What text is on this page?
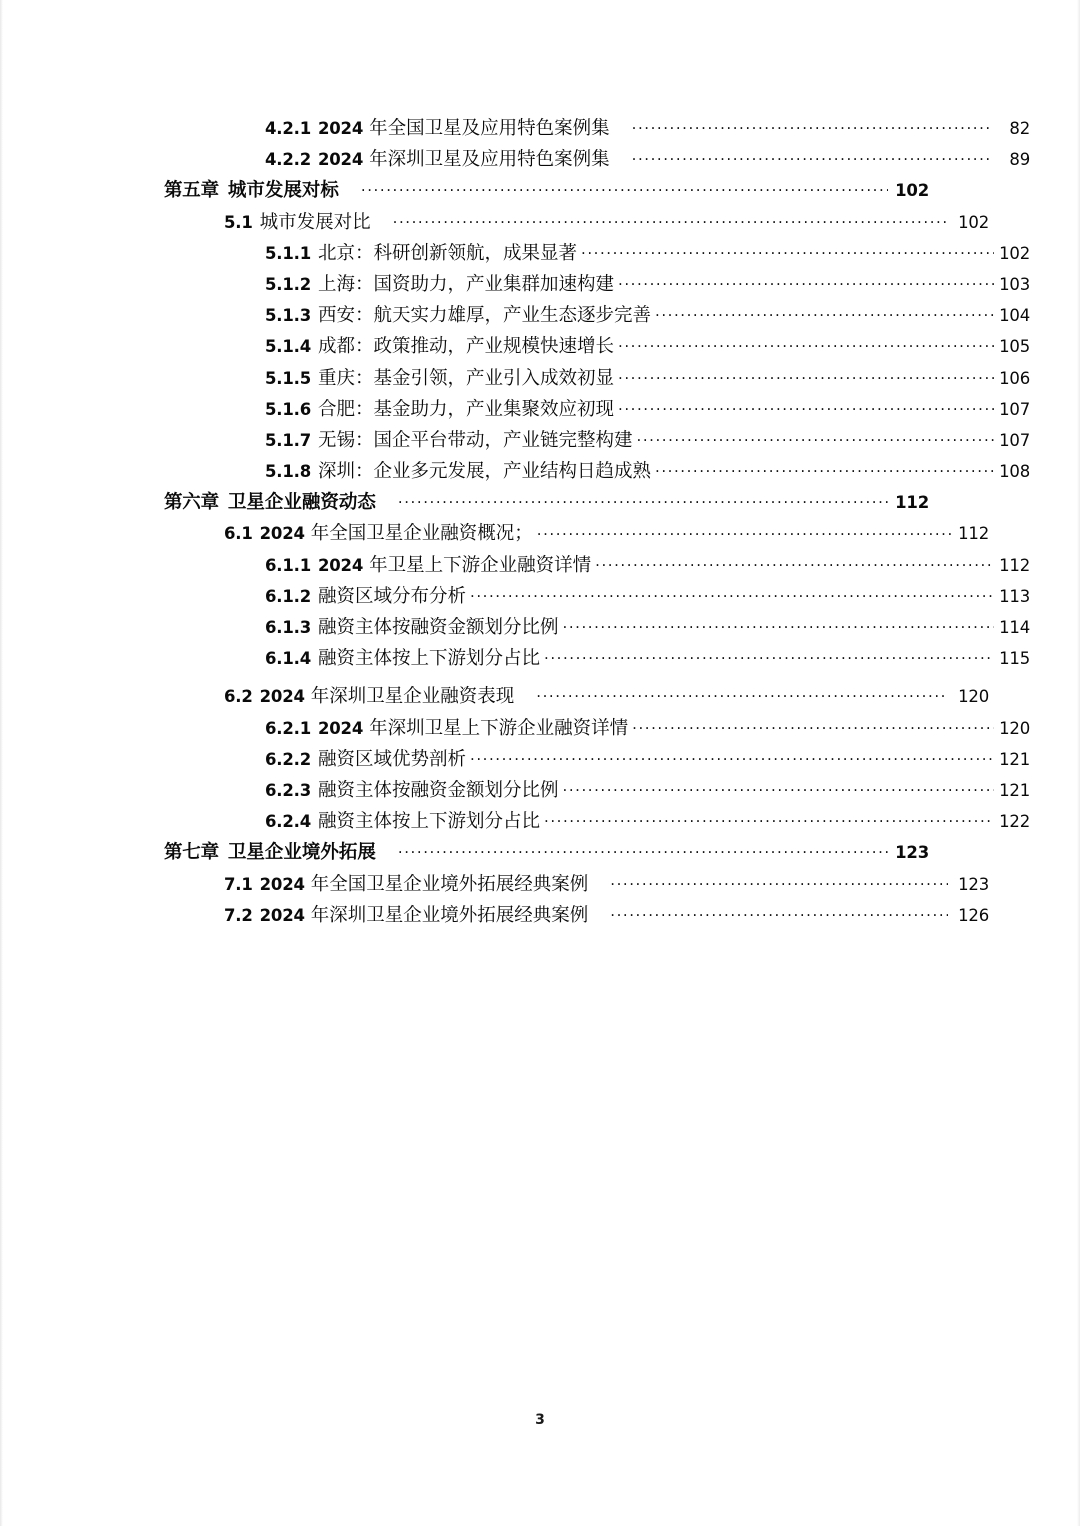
4.2.1 2024 年全国卫星及应用特色案例集 .....	82
4.2.2 2024 年深圳卫星及应用特色案例集 .....	89
第五章 城市发展对标 .....	102
5.1 城市发展对比 .....	102
5.1.1 北京：科研创新领航，成果显著 .....	102
5.1.2 上海：国资助力，产业集群加速构建 .....	103
5.1.3 西安：航天实力雄厚，产业生态逐步完善 .....	104
5.1.4 成都：政策推动，产业规模快速增长 .....	105
5.1.5 重庆：基金引领，产业引入成效初显 .....	106
5.1.6 合肥：基金助力，产业集聚效应初现 .....	107
5.1.7 无锡：国企平台带动，产业链完整构建 .....	107
5.1.8 深圳：企业多元发展，产业结构日趋成熟 .....	108
第六章 卫星企业融资动态 .....	112
6.1 2024 年全国卫星企业融资概况； .....	112
6.1.1 2024 年卫星上下游企业融资详情 .....	112
6.1.2 融资区域分布分析 .....	113
6.1.3 融资主体按融资金额划分比例 .....	114
6.1.4 融资主体按上下游划分占比 .....	115
6.2 2024 年深圳卫星企业融资表现 .....	120
6.2.1 2024 年深圳卫星上下游企业融资详情 .....	120
6.2.2 融资区域优势剖析 .....	121
6.2.3 融资主体按融资金额划分比例 .....	121
6.2.4 融资主体按上下游划分占比 .....	122
第七章 卫星企业境外拓展 .....	123
7.1 2024 年全国卫星企业境外拓展经典案例 .....	123
7.2 2024 年深圳卫星企业境外拓展经典案例 .....	126
3
